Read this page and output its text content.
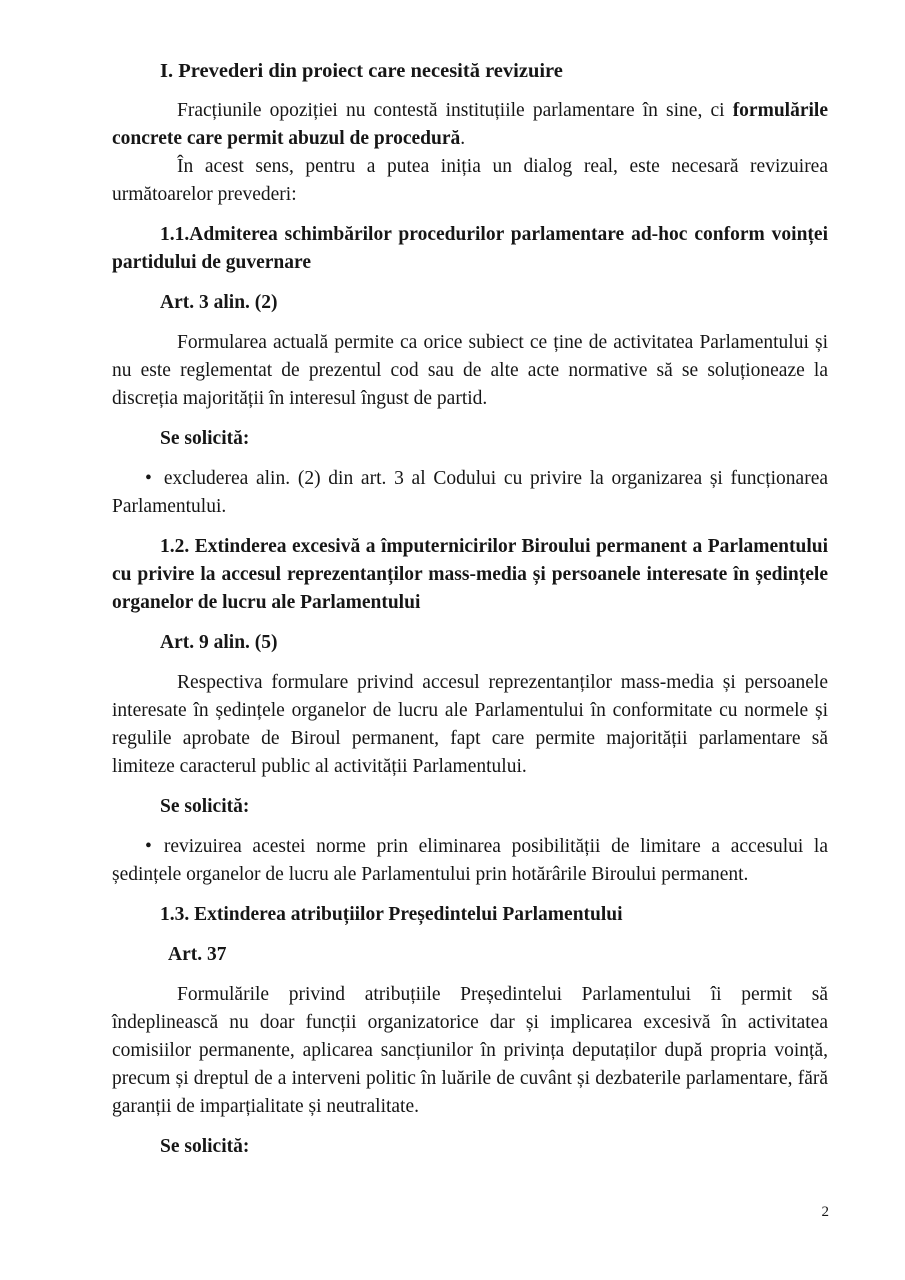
I. Prevederi din proiect care necesită revizuire

Fracțiunile opoziției nu contestă instituțiile parlamentare în sine, ci formulările concrete care permit abuzul de procedură.

În acest sens, pentru a putea iniția un dialog real, este necesară revizuirea următoarelor prevederi:

1.1.Admiterea schimbărilor procedurilor parlamentare ad-hoc conform voinței partidului de guvernare

Art. 3 alin. (2)

Formularea actuală permite ca orice subiect ce ține de activitatea Parlamentului și nu este reglementat de prezentul cod sau de alte acte normative să se soluționeaze la discreția majorității în interesul îngust de partid.

Se solicită:

• excluderea alin. (2) din art. 3 al Codului cu privire la organizarea și funcționarea Parlamentului.

1.2. Extinderea excesivă a împuternicirilor Biroului permanent a Parlamentului cu privire la accesul reprezentanților mass-media și persoanele interesate în ședințele organelor de lucru ale Parlamentului

Art. 9 alin. (5)

Respectiva formulare privind accesul reprezentanților mass-media și persoanele interesate în ședințele organelor de lucru ale Parlamentului în conformitate cu normele și regulile aprobate de Biroul permanent, fapt care permite majorității parlamentare să limiteze caracterul public al activității Parlamentului.

Se solicită:

• revizuirea acestei norme prin eliminarea posibilității de limitare a accesului la ședințele organelor de lucru ale Parlamentului prin hotărârile Biroului permanent.

1.3. Extinderea atribuțiilor Președintelui Parlamentului

Art. 37

Formulările privind atribuțiile Președintelui Parlamentului îi permit să îndeplinească nu doar funcții organizatorice dar și implicarea excesivă în activitatea comisiilor permanente, aplicarea sancțiunilor în privința deputaților după propria voință, precum și dreptul de a interveni politic în luările de cuvânt și dezbaterile parlamentare, fără garanții de imparțialitate și neutralitate.

Se solicită:

2
